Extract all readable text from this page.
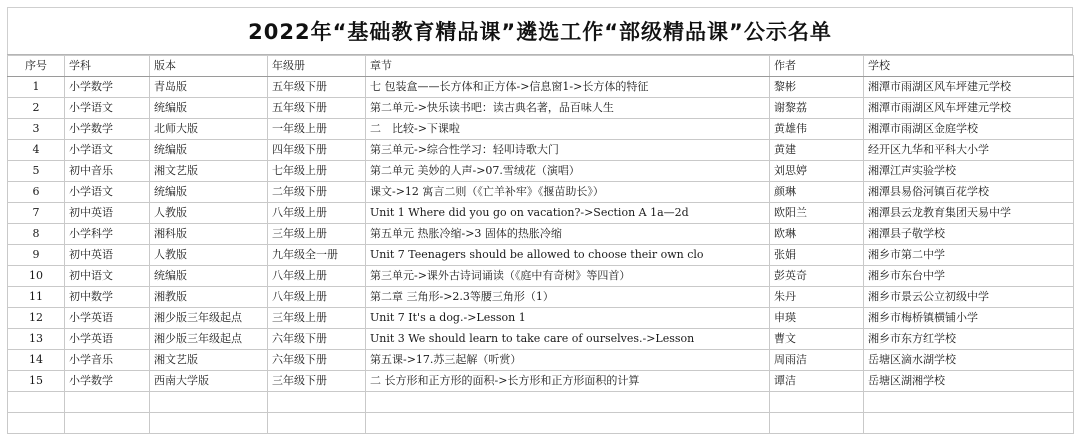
2022年“基础教育精品课”遴选工作“部级精品课”公示名单
序号	学科	版本	年级册	章节	作者	学校
1	小学数学	青岛版	五年级下册	七 包装盒——长方体和正方体->信息窗1->长方体的特征	黎彬	湘潭市雨湖区风车坪建元学校
2	小学语文	统编版	五年级下册	第二单元->快乐读书吧：读古典名著，品百味人生	谢黎荔	湘潭市雨湖区风车坪建元学校
3	小学数学	北师大版	一年级上册	二　比较->下课啦	黄雄伟	湘潭市雨湖区金庭学校
4	小学语文	统编版	四年级下册	第三单元->综合性学习：轻叩诗歌大门	黄建	经开区九华和平科大小学
5	初中音乐	湘文艺版	七年级上册	第二单元 美妙的人声->07.雪绒花（演唱）	刘思婷	湘潭江声实验学校
6	小学语文	统编版	二年级下册	课文->12 寓言二则（《亡羊补牢》《揠苗助长》）	颜琳	湘潭县易俗河镇百花学校
7	初中英语	人教版	八年级上册	Unit 1 Where did you go on vacation?->Section A 1a—2d	欧阳兰	湘潭县云龙教育集团天易中学
8	小学科学	湘科版	三年级上册	第五单元 热胀冷缩->3 固体的热胀冷缩	欧琳	湘潭县子敬学校
9	初中英语	人教版	九年级全一册	Unit 7 Teenagers should be allowed to choose their own clo	张娟	湘乡市第二中学
10	初中语文	统编版	八年级上册	第三单元->课外古诗词诵读（《庭中有奇树》等四首）	彭英奇	湘乡市东台中学
11	初中数学	湘教版	八年级上册	第二章 三角形->2.3等腰三角形（1）	朱丹	湘乡市景云公立初级中学
12	小学英语	湘少版三年级起点	三年级上册	Unit 7 It's a dog.->Lesson 1	申瑛	湘乡市梅桥镇横铺小学
13	小学英语	湘少版三年级起点	六年级下册	Unit 3 We should learn to take care of ourselves.->Lesson	曹文	湘乡市东方红学校
14	小学音乐	湘文艺版	六年级下册	第五课->17.苏三起解（听赏）	周雨洁	岳塘区滴水湖学校
15	小学数学	西南大学版	三年级下册	二 长方形和正方形的面积->长方形和正方形面积的计算	谭洁	岳塘区湖湘学校
